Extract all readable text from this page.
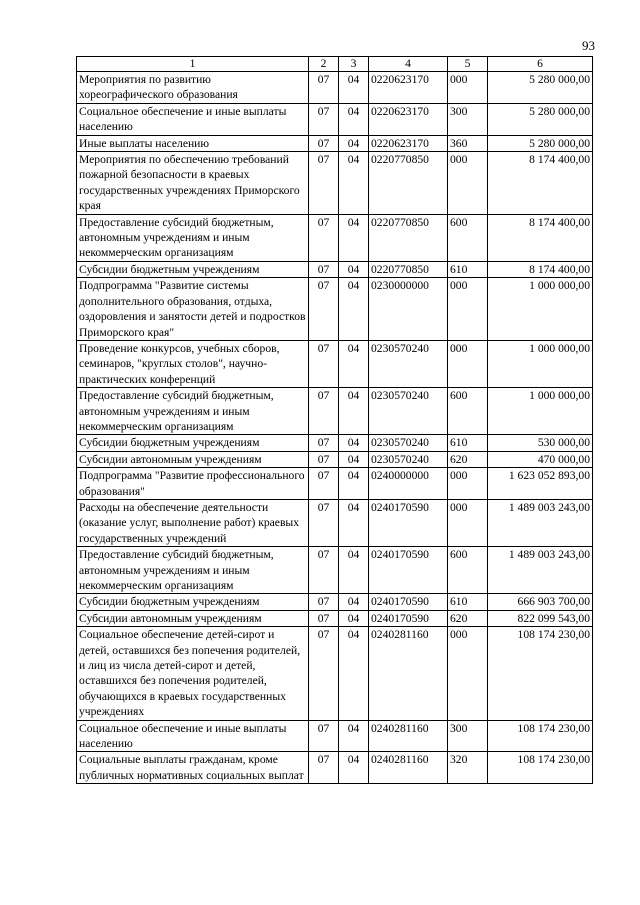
93
1	2	3	4	5	6
Мероприятия по развитию хореографического образования	07	04	0220623170	000	5 280 000,00
Социальное обеспечение и иные выплаты населению	07	04	0220623170	300	5 280 000,00
Иные выплаты населению	07	04	0220623170	360	5 280 000,00
Мероприятия по обеспечению требований пожарной безопасности в краевых государственных учреждениях Приморского края	07	04	0220770850	000	8 174 400,00
Предоставление субсидий бюджетным, автономным учреждениям и иным некоммерческим организациям	07	04	0220770850	600	8 174 400,00
Субсидии бюджетным учреждениям	07	04	0220770850	610	8 174 400,00
Подпрограмма "Развитие системы дополнительного образования, отдыха, оздоровления и занятости детей и подростков Приморского края"	07	04	0230000000	000	1 000 000,00
Проведение конкурсов, учебных сборов, семинаров, "круглых столов", научно-практических конференций	07	04	0230570240	000	1 000 000,00
Предоставление субсидий бюджетным, автономным учреждениям и иным некоммерческим организациям	07	04	0230570240	600	1 000 000,00
Субсидии бюджетным учреждениям	07	04	0230570240	610	530 000,00
Субсидии автономным учреждениям	07	04	0230570240	620	470 000,00
Подпрограмма "Развитие профессионального образования"	07	04	0240000000	000	1 623 052 893,00
Расходы на обеспечение деятельности (оказание услуг, выполнение работ) краевых государственных учреждений	07	04	0240170590	000	1 489 003 243,00
Предоставление субсидий бюджетным, автономным учреждениям и иным некоммерческим организациям	07	04	0240170590	600	1 489 003 243,00
Субсидии бюджетным учреждениям	07	04	0240170590	610	666 903 700,00
Субсидии автономным учреждениям	07	04	0240170590	620	822 099 543,00
Социальное обеспечение детей-сирот и детей, оставшихся без попечения родителей, и лиц из числа детей-сирот и детей, оставшихся без попечения родителей, обучающихся в краевых государственных учреждениях	07	04	0240281160	000	108 174 230,00
Социальное обеспечение и иные выплаты населению	07	04	0240281160	300	108 174 230,00
Социальные выплаты гражданам, кроме публичных нормативных социальных выплат	07	04	0240281160	320	108 174 230,00
